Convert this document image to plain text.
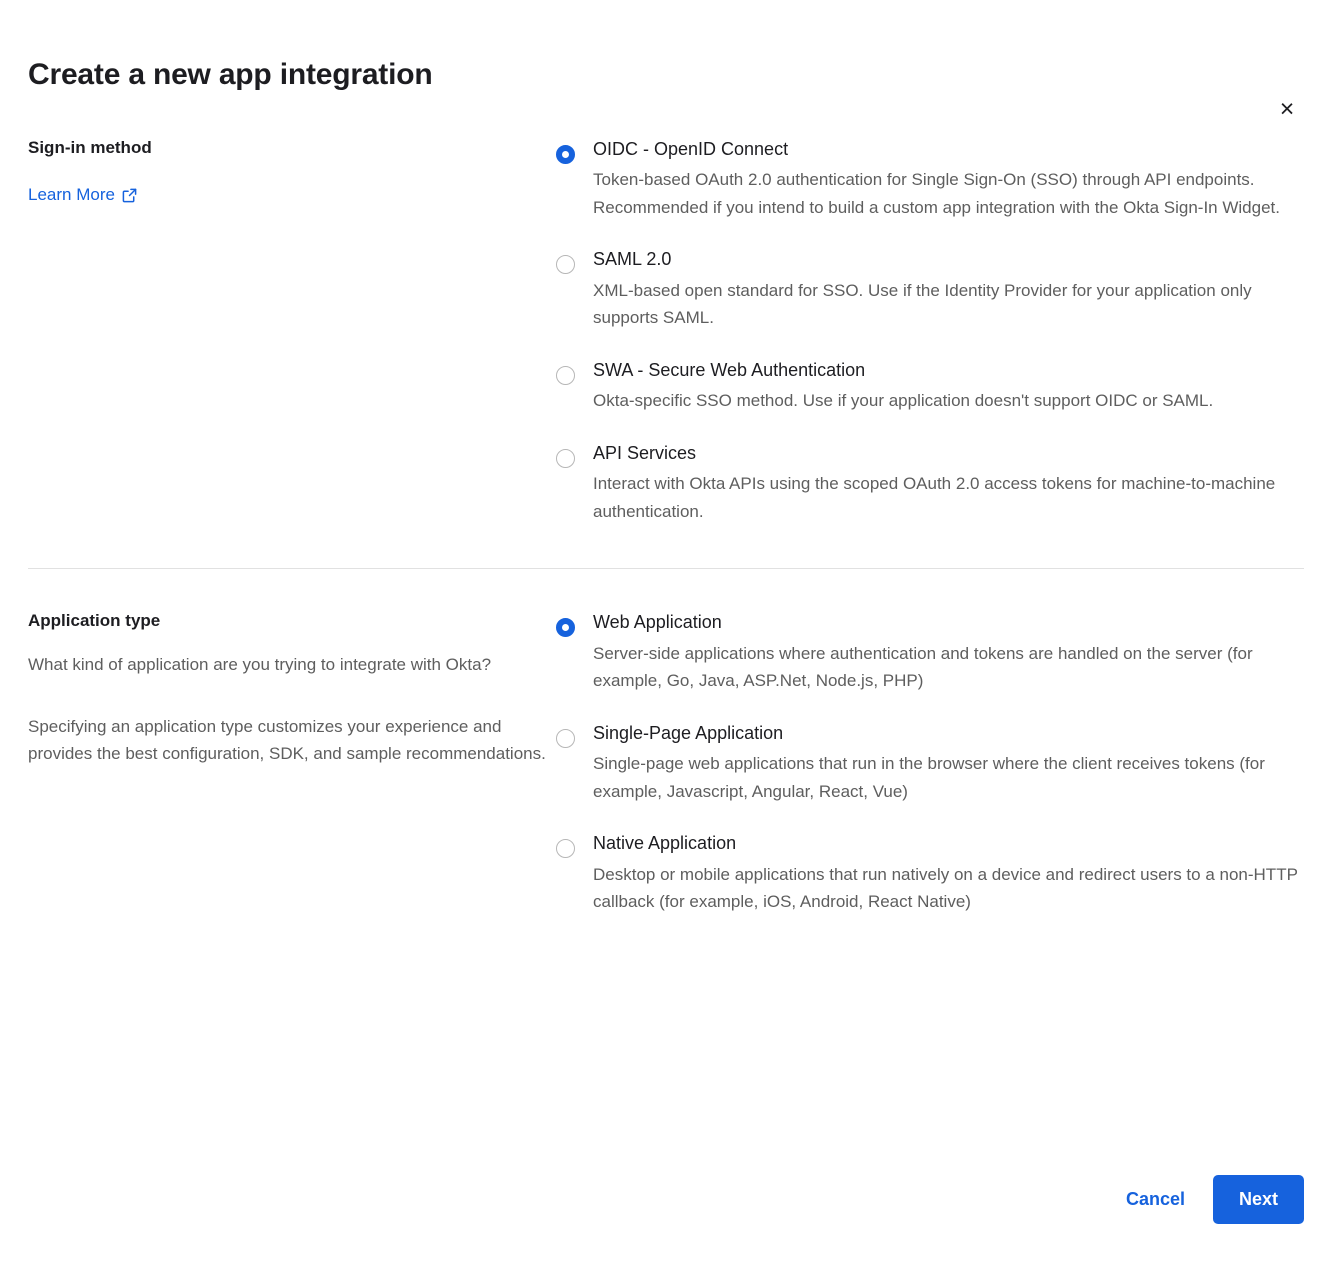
×
Create a new app integration
Sign-in method
Learn More
OIDC - OpenID Connect
Token-based OAuth 2.0 authentication for Single Sign-On (SSO) through API endpoints. Recommended if you intend to build a custom app integration with the Okta Sign-In Widget.
SAML 2.0
XML-based open standard for SSO. Use if the Identity Provider for your application only supports SAML.
SWA - Secure Web Authentication
Okta-specific SSO method. Use if your application doesn't support OIDC or SAML.
API Services
Interact with Okta APIs using the scoped OAuth 2.0 access tokens for machine-to-machine authentication.
Application type

What kind of application are you trying to integrate with Okta?

Specifying an application type customizes your experience and provides the best configuration, SDK, and sample recommendations.

Web Application
Server-side applications where authentication and tokens are handled on the server (for example, Go, Java, ASP.Net, Node.js, PHP)
Single-Page Application
Single-page web applications that run in the browser where the client receives tokens (for example, Javascript, Angular, React, Vue)
Native Application
Desktop or mobile applications that run natively on a device and redirect users to a non-HTTP callback (for example, iOS, Android, React Native)
Cancel	Next
